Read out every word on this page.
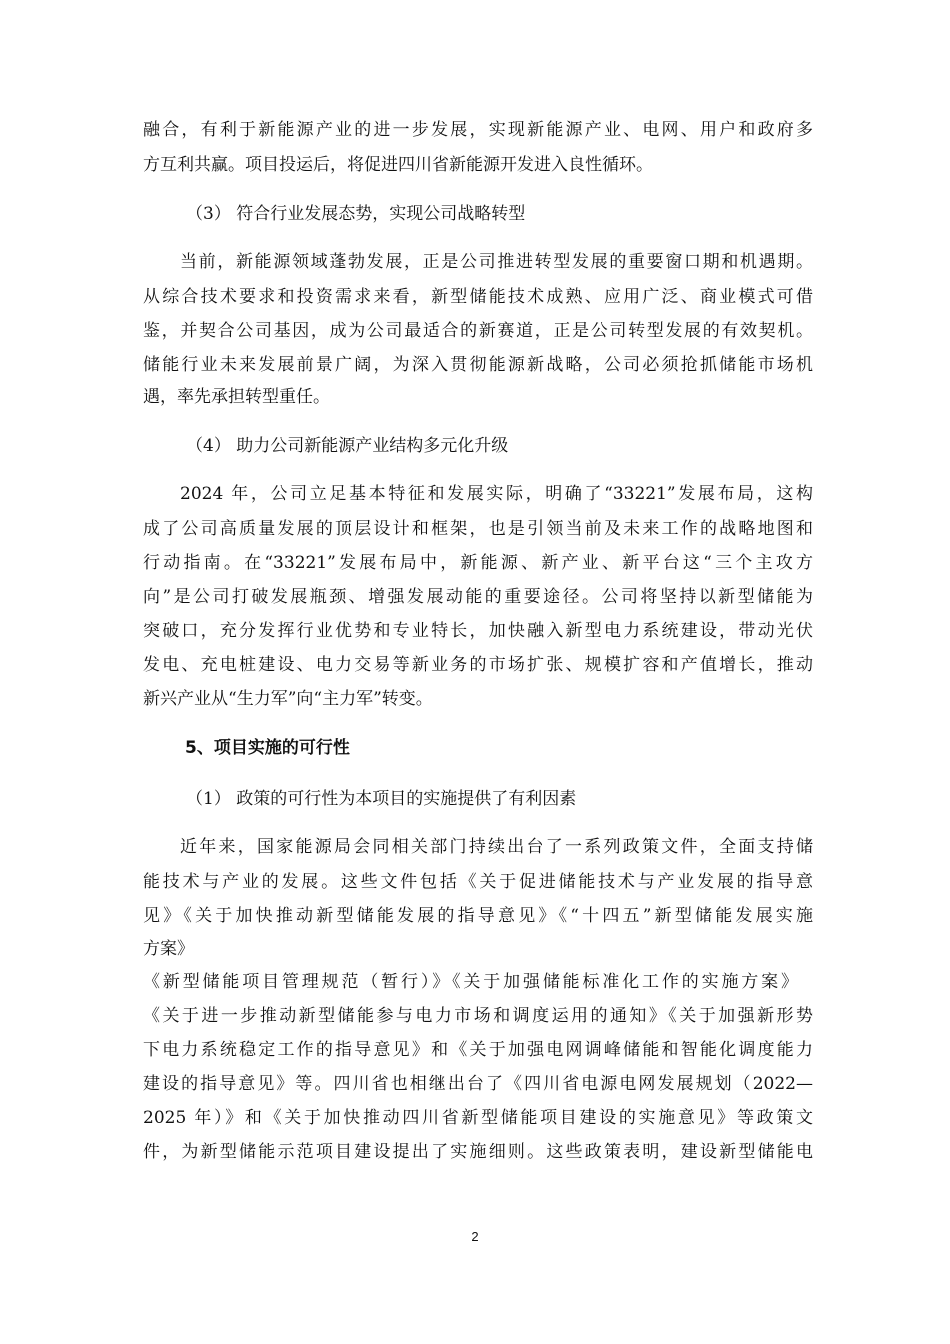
融合，有利于新能源产业的进一步发展，实现新能源产业、电网、用户和政府多
方互利共赢。项目投运后，将促进四川省新能源开发进入良性循环。
（3） 符合行业发展态势，实现公司战略转型
当前，新能源领域蓬勃发展，正是公司推进转型发展的重要窗口期和机遇期。
从综合技术要求和投资需求来看，新型储能技术成熟、应用广泛、商业模式可借
鉴，并契合公司基因，成为公司最适合的新赛道，正是公司转型发展的有效契机。
储能行业未来发展前景广阔，为深入贯彻能源新战略，公司必须抢抓储能市场机
遇，率先承担转型重任。
（4） 助力公司新能源产业结构多元化升级
2024 年，公司立足基本特征和发展实际，明确了“33221”发展布局，这构
成了公司高质量发展的顶层设计和框架，也是引领当前及未来工作的战略地图和
行动指南。在“33221”发展布局中，新能源、新产业、新平台这“三个主攻方
向”是公司打破发展瓶颈、增强发展动能的重要途径。公司将坚持以新型储能为
突破口，充分发挥行业优势和专业特长，加快融入新型电力系统建设，带动光伏
发电、充电桩建设、电力交易等新业务的市场扩张、规模扩容和产值增长，推动
新兴产业从“生力军”向“主力军”转变。
5、项目实施的可行性
（1） 政策的可行性为本项目的实施提供了有利因素
近年来，国家能源局会同相关部门持续出台了一系列政策文件，全面支持储
能技术与产业的发展。这些文件包括《关于促进储能技术与产业发展的指导意
见》《关于加快推动新型储能发展的指导意见》《“十四五”新型储能发展实施
方案》
《新型储能项目管理规范（暂行）》《关于加强储能标准化工作的实施方案》
《关于进一步推动新型储能参与电力市场和调度运用的通知》《关于加强新形势
下电力系统稳定工作的指导意见》和《关于加强电网调峰储能和智能化调度能力
建设的指导意见》等。四川省也相继出台了《四川省电源电网发展规划（2022—
2025 年）》和《关于加快推动四川省新型储能项目建设的实施意见》等政策文
件，为新型储能示范项目建设提出了实施细则。这些政策表明，建设新型储能电
2
